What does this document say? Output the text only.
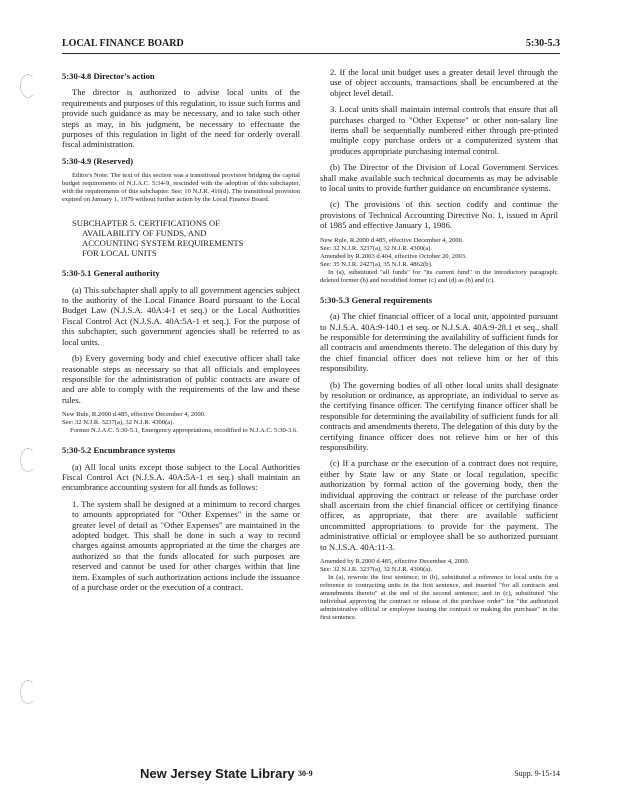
LOCAL FINANCE BOARD	5:30-5.3

5:30-4.8 Director's action

The director is authorized to advise local units of the requirements and purposes of this regulation, to issue such forms and provide such guidance as may be necessary, and to take such other steps as may, in his judgment, be necessary to effectuate the purposes of this regulation in light of the need for orderly overall fiscal administration.

5:30-4.9 (Reserved)

Editor's Note: The text of this section was a transitional provision bridging the capital budget requirements of N.J.A.C. 5:34-9, rescinded with the adoption of this subchapter, with the requirements of this subchapter. See: 10 N.J.R. 416(d). The transitional provision expired on January 1, 1979 without further action by the Local Finance Board.

SUBCHAPTER 5. CERTIFICATIONS OF
AVAILABILITY OF FUNDS, AND
ACCOUNTING SYSTEM REQUIREMENTS
FOR LOCAL UNITS

5:30-5.1 General authority

(a) This subchapter shall apply to all government agencies subject to the authority of the Local Finance Board pursuant to the Local Budget Law (N.J.S.A. 40A:4-1 et seq.) or the Local Authorities Fiscal Control Act (N.J.S.A. 40A:5A-1 et seq.). For the purpose of this subchapter, such government agencies shall be referred to as local units.

(b) Every governing body and chief executive officer shall take reasonable steps as necessary so that all officials and employees responsible for the administration of public contracts are aware of and are able to comply with the requirements of the law and these rules.

New Rule, R.2000 d.485, effective December 4, 2000.

See: 32 N.J.R. 3237(a), 32 N.J.R. 4300(a).

Former N.J.A.C. 5:30-5.1, Emergency appropriations, recodified to N.J.A.C. 5:30-3.6.

5:30-5.2 Encumbrance systems

(a) All local units except those subject to the Local Authorities Fiscal Control Act (N.J.S.A. 40A:5A-1 et seq.) shall maintain an encumbrance accounting system for all funds as follows:

1. The system shall be designed at a minimum to record charges to amounts appropriated for "Other Expenses" in the same or greater level of detail as "Other Expenses" are maintained in the adopted budget. This shall be done in such a way to record charges against amounts appropriated at the time the charges are authorized so that the funds allocated for such purposes are reserved and cannot be used for other charges within that line item. Examples of such authorization actions include the issuance of a purchase order or the execution of a contract.

2. If the local unit budget uses a greater detail level through the use of object accounts, transactions shall be encumbered at the object level detail.

3. Local units shall maintain internal controls that ensure that all purchases charged to "Other Expense" or other non-salary line items shall be sequentially numbered either through pre-printed multiple copy purchase orders or a computerized system that produces appropriate purchasing internal control.

(b) The Director of the Division of Local Government Services shall make available such technical documents as may be advisable to local units to provide further guidance on encumbrance systems.

(c) The provisions of this section codify and continue the provisions of Technical Accounting Directive No. 1, issued in April of 1985 and effective January 1, 1986.

New Rule, R.2000 d.485, effective December 4, 2000.

See: 32 N.J.R. 3237(a), 32 N.J.R. 4300(a).

Amended by R.2003 d.404, effective October 20, 2003.

See: 35 N.J.R. 2427(a), 35 N.J.R. 4862(b).

In (a), substituted "all funds" for "its current fund" in the introductory paragraph; deleted former (b) and recodified former (c) and (d) as (b) and (c).

5:30-5.3 General requirements

(a) The chief financial officer of a local unit, appointed pursuant to N.J.S.A. 40A:9-140.1 et seq. or N.J.S.A. 40A:9-28.1 et seq., shall be responsible for determining the availability of sufficient funds for all contracts and amendments thereto. The delegation of this duty by the chief financial officer does not relieve him or her of this responsibility.

(b) The governing bodies of all other local units shall designate by resolution or ordinance, as appropriate, an individual to serve as the certifying finance officer. The certifying finance officer shall be responsible for determining the availability of sufficient funds for all contracts and amendments thereto. The delegation of this duty by the certifying finance officer does not relieve him or her of this responsibility.

(c) If a purchase or the execution of a contract does not require, either by State law or any State or local regulation, specific authorization by formal action of the governing body, then the individual approving the contract or release of the purchase order shall ascertain from the chief financial officer or certifying finance officer, as appropriate, that there are available sufficient uncommitted appropriations to provide for the payment. The administrative official or employee shall be so authorized pursuant to N.J.S.A. 40A:11-3.

Amended by R.2000 d.485, effective December 4, 2000.

See: 32 N.J.R. 3237(a), 32 N.J.R. 4300(a).

In (a), rewrote the first sentence; in (b), substituted a reference to local units for a reference to contracting units in the first sentence, and inserted "for all contracts and amendments thereto" at the end of the second sentence; and in (c), substituted "the individual approving the contract or release of the purchase order" for "the authorized administrative official or employee issuing the contract or making the purchase" in the first sentence.

New Jersey State Library 30-9	Supp. 9-15-14
